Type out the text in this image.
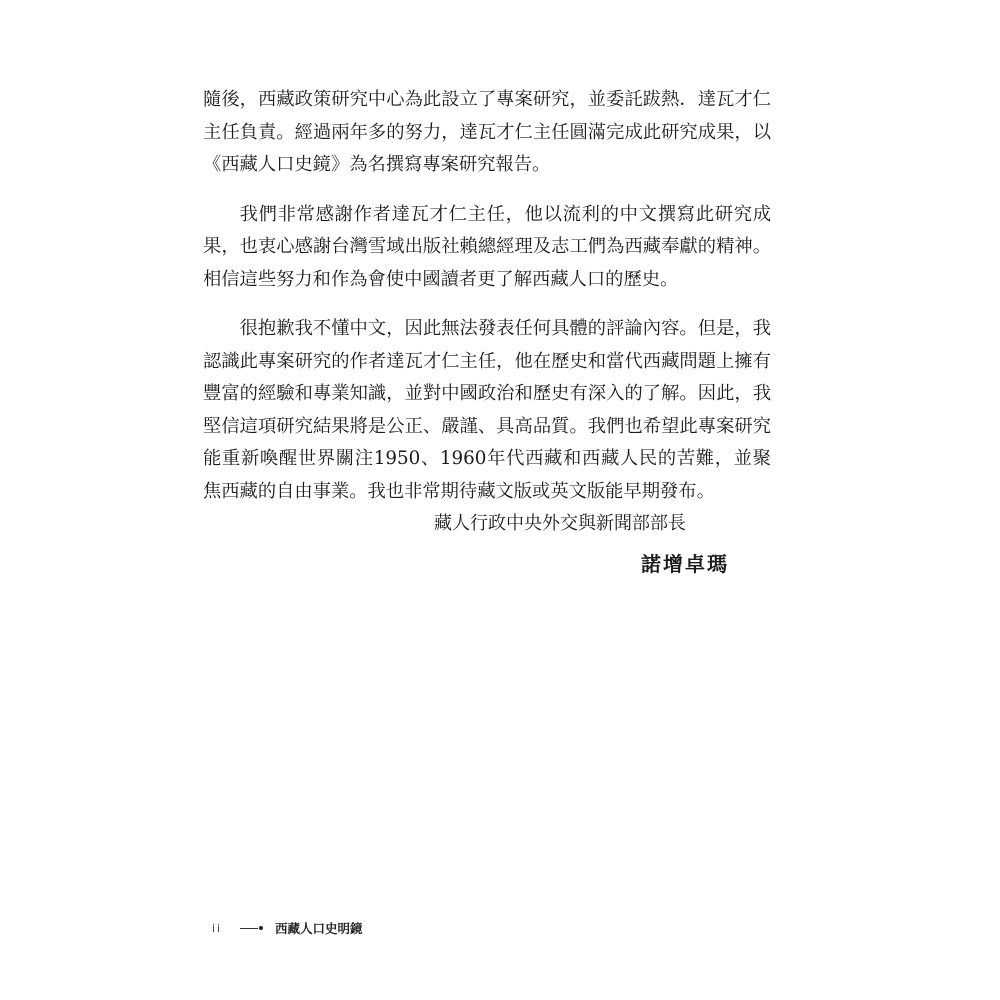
隨後，西藏政策研究中心為此設立了專案研究，並委託跋熱．達瓦才仁主任負責。經過兩年多的努力，達瓦才仁主任圓滿完成此研究成果，以《西藏人口史鏡》為名撰寫專案研究報告。

我們非常感謝作者達瓦才仁主任，他以流利的中文撰寫此研究成果，也衷心感謝台灣雪域出版社賴總經理及志工們為西藏奉獻的精神。相信這些努力和作為會使中國讀者更了解西藏人口的歷史。

很抱歉我不懂中文，因此無法發表任何具體的評論內容。但是，我認識此專案研究的作者達瓦才仁主任，他在歷史和當代西藏問題上擁有豐富的經驗和專業知識，並對中國政治和歷史有深入的了解。因此，我堅信這項研究結果將是公正、嚴謹、具高品質。我們也希望此專案研究能重新喚醒世界關注1950、1960年代西藏和西藏人民的苦難，並聚焦西藏的自由事業。我也非常期待藏文版或英文版能早期發布。

藏人行政中央外交與新聞部部長
諾增卓瑪
ii	西藏人口史明鏡
